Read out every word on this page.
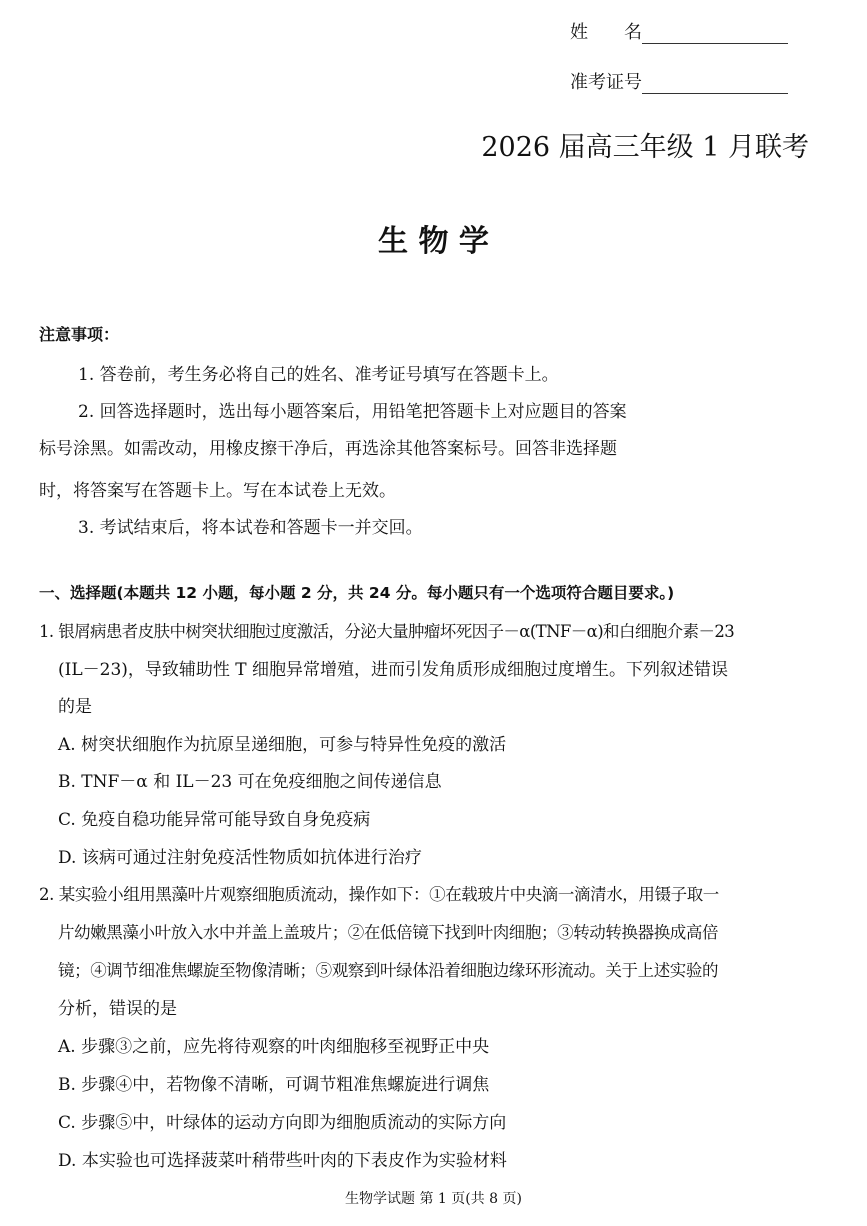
姓　　名
准考证号
2026 届高三年级 1 月联考
生 物 学
注意事项：
1. 答卷前，考生务必将自己的姓名、准考证号填写在答题卡上。
2. 回答选择题时，选出每小题答案后，用铅笔把答题卡上对应题目的答案
标号涂黑。如需改动，用橡皮擦干净后，再选涂其他答案标号。回答非选择题
时，将答案写在答题卡上。写在本试卷上无效。
3. 考试结束后，将本试卷和答题卡一并交回。
一、选择题(本题共 12 小题，每小题 2 分，共 24 分。每小题只有一个选项符合题目要求。)
1. 银屑病患者皮肤中树突状细胞过度激活，分泌大量肿瘤坏死因子－α(TNF－α)和白细胞介素－23
(IL－23)，导致辅助性 T 细胞异常增殖，进而引发角质形成细胞过度增生。下列叙述错误
的是
A. 树突状细胞作为抗原呈递细胞，可参与特异性免疫的激活
B. TNF－α 和 IL－23 可在免疫细胞之间传递信息
C. 免疫自稳功能异常可能导致自身免疫病
D. 该病可通过注射免疫活性物质如抗体进行治疗
2. 某实验小组用黑藻叶片观察细胞质流动，操作如下：①在载玻片中央滴一滴清水，用镊子取一
片幼嫩黑藻小叶放入水中并盖上盖玻片；②在低倍镜下找到叶肉细胞；③转动转换器换成高倍
镜；④调节细准焦螺旋至物像清晰；⑤观察到叶绿体沿着细胞边缘环形流动。关于上述实验的
分析，错误的是
A. 步骤③之前，应先将待观察的叶肉细胞移至视野正中央
B. 步骤④中，若物像不清晰，可调节粗准焦螺旋进行调焦
C. 步骤⑤中，叶绿体的运动方向即为细胞质流动的实际方向
D. 本实验也可选择菠菜叶稍带些叶肉的下表皮作为实验材料
生物学试题 第 1 页(共 8 页)
